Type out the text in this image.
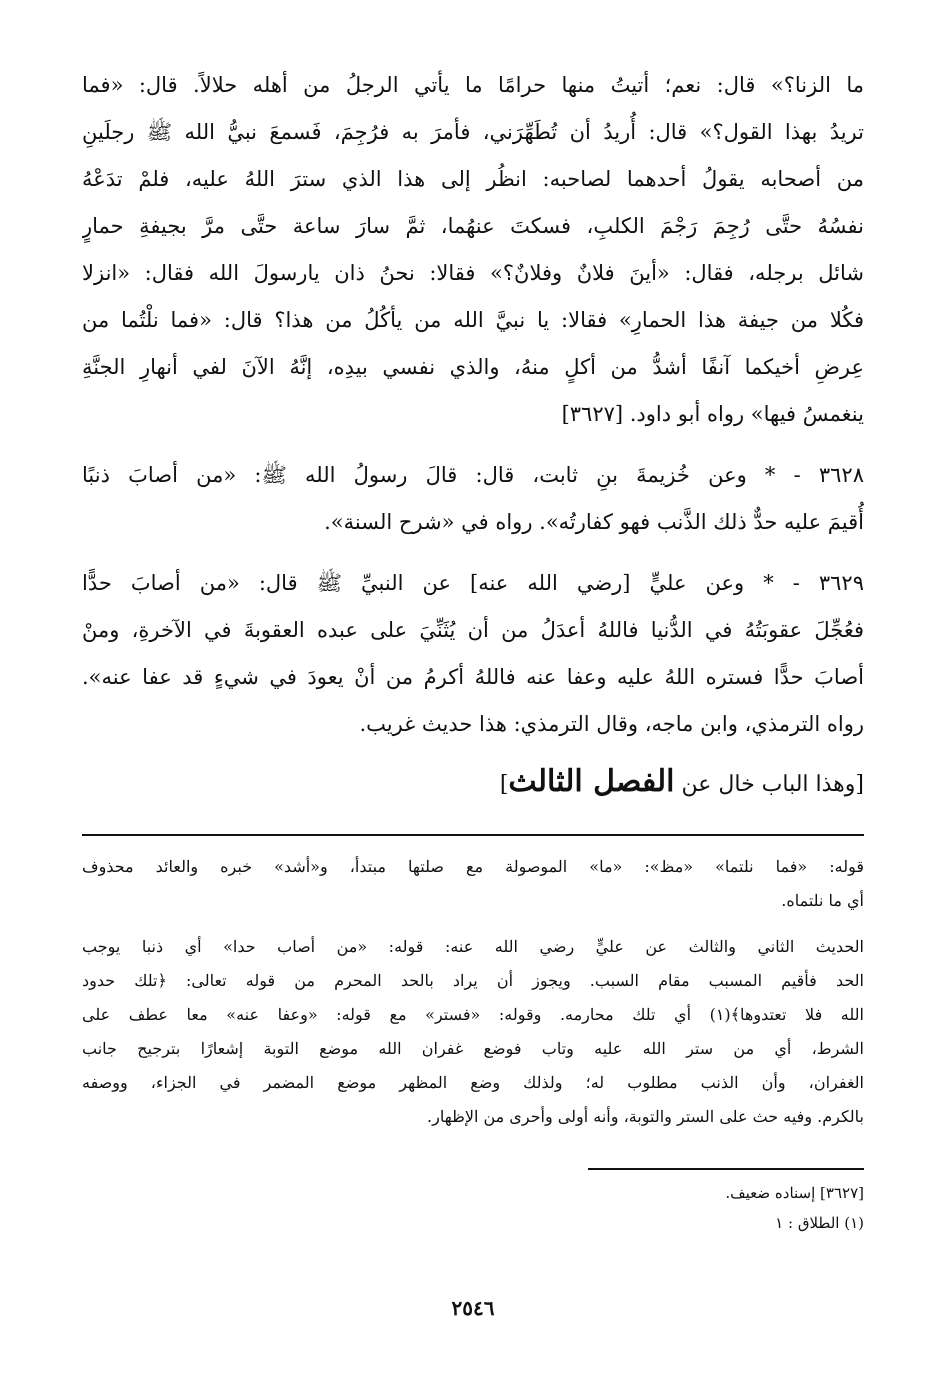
ما الزنا؟» قال: نعم؛ أتيتُ منها حرامًا ما يأتي الرجلُ من أهله حلالاً. قال: «فما
تريدُ بهذا القول؟» قال: أُريدُ أن تُطَهِّرَني، فأمرَ به فرُجِمَ، فَسمعَ نبيُّ الله ﷺ رجلَينِ
من أصحابه يقولُ أحدهما لصاحبه: انظُر إلى هذا الذي سترَ اللهُ عليه، فلمْ تدَعْهُ
نفسُهُ حتَّى رُجِمَ رَجْمَ الكلبِ، فسكتَ عنهُما، ثمَّ سارَ ساعة حتَّى مرَّ بجيفةِ حمارٍ
شائل برجله، فقال: «أينَ فلانٌ وفلانٌ؟» فقالا: نحنُ ذان يارسولَ الله فقال: «انزلا
فكُلا من جيفة هذا الحمارِ» فقالا: يا نبيَّ الله من يأكُلُ من هذا؟ قال: «فما نلْتُما من
عِرضِ أخيكما آنفًا أشدُّ من أكلٍ منهُ، والذي نفسي بيدِه، إنَّهُ الآنَ لفي أنهارِ الجنَّةِ
ينغمسُ فيها» رواه أبو داود. [٣٦٢٧]
٣٦٢٨ - * وعن خُزيمةَ بنِ ثابت، قال: قالَ رسولُ الله ﷺ: «من أصابَ ذنبًا
أُقيمَ عليه حدٌّ ذلك الذَّنب فهو كفارتُه». رواه في «شرح السنة».
٣٦٢٩ - * وعن عليٍّ [رضي الله عنه] عن النبيِّ ﷺ قال: «من أصابَ حدًّا
فعُجِّلَ عقوبَتُهُ في الدُّنيا فاللهُ أعدَلُ من أن يُثَنِّيَ على عبده العقوبةَ في الآخرةِ، ومنْ
أصابَ حدًّا فستره اللهُ عليه وعفا عنه فاللهُ أكرمُ من أنْ يعودَ في شيءٍ قد عفا عنه».
رواه الترمذي، وابن ماجه، وقال الترمذي: هذا حديث غريب.
[وهذا الباب خال عن الفصل الثالث]
قوله: «فما نلتما» «مظ»: «ما» الموصولة مع صلتها مبتدأ، و«أشد» خبره والعائد محذوف
أي ما نلتماه.
الحديث الثاني والثالث عن عليٍّ رضي الله عنه: قوله: «من أصاب حدا» أي ذنبا يوجب
الحد فأقيم المسبب مقام السبب. ويجوز أن يراد بالحد المحرم من قوله تعالى: ﴿تلك حدود
الله فلا تعتدوها﴾(١) أي تلك محارمه. وقوله: «فستر» مع قوله: «وعفا عنه» معا عطف على
الشرط، أي من ستر الله عليه وتاب فوضع غفران الله موضع التوبة إشعارًا بترجيح جانب
الغفران، وأن الذنب مطلوب له؛ ولذلك وضع المظهر موضع المضمر في الجزاء، ووصفه
بالكرم. وفيه حث على الستر والتوبة، وأنه أولى وأحرى من الإظهار.
[٣٦٢٧] إسناده ضعيف.
(١) الطلاق : ١
٢٥٤٦
